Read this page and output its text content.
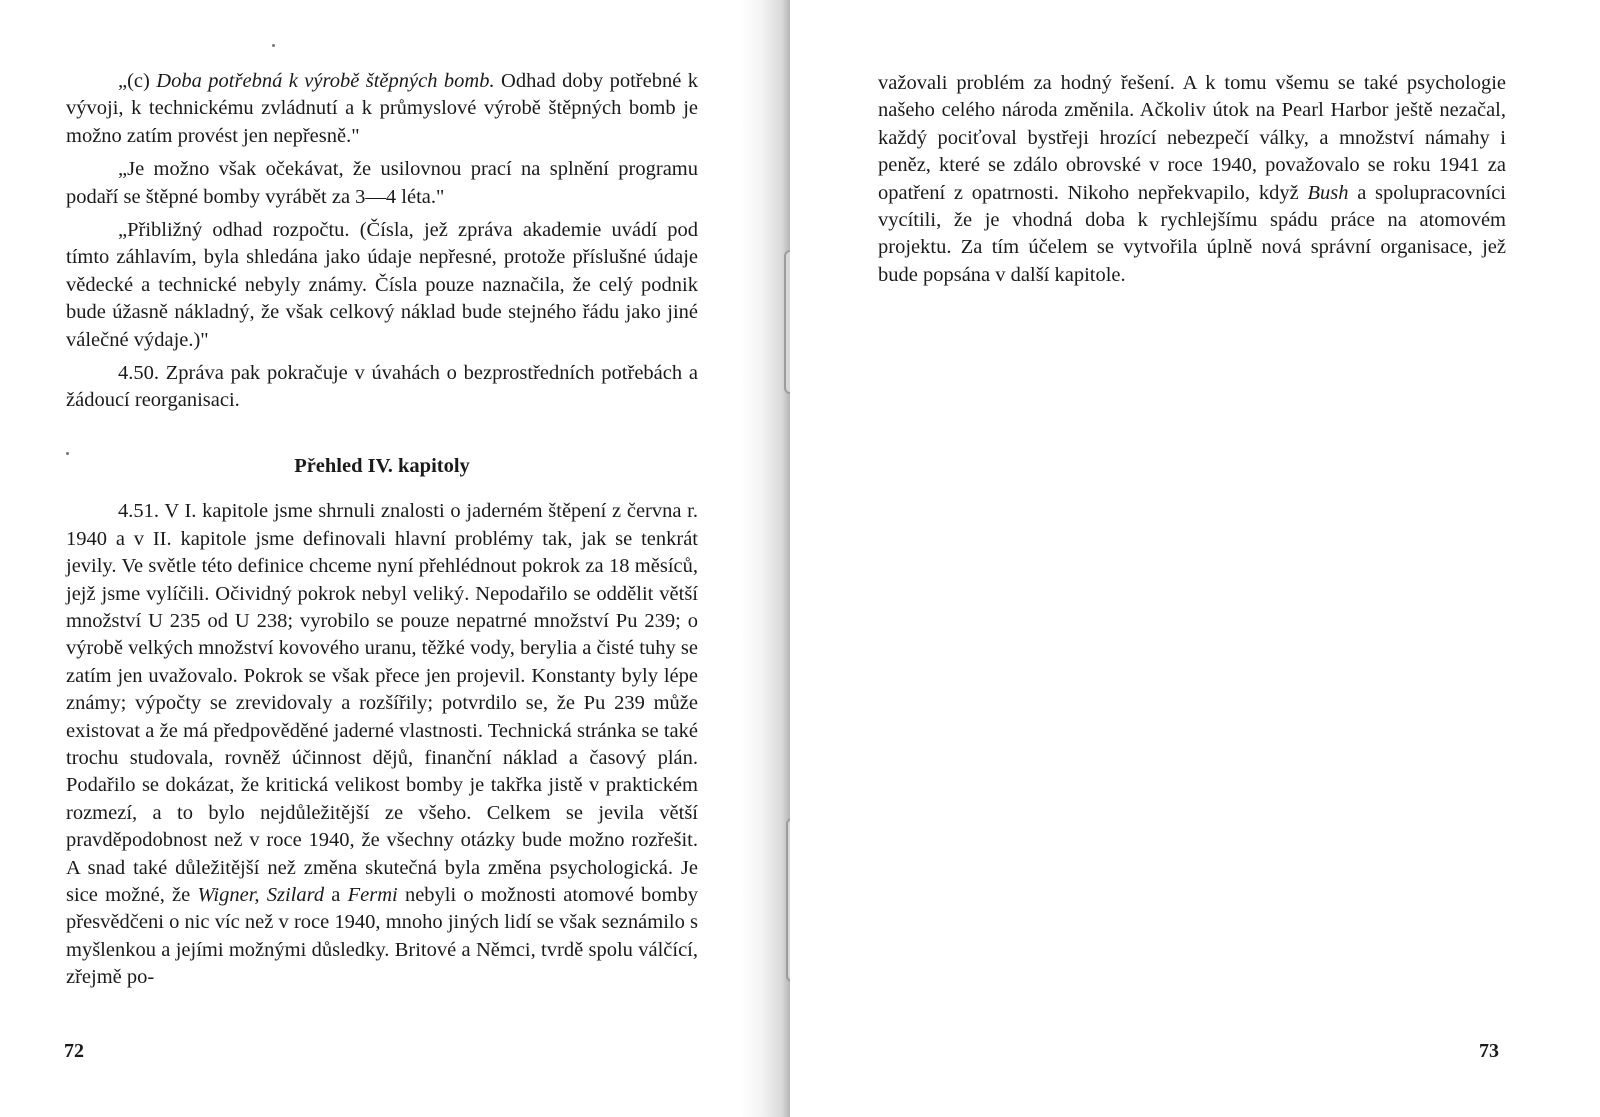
„(c) Doba potřebná k výrobě štěpných bomb. Odhad doby potřebné k vývoji, k technickému zvládnutí a k průmyslové výrobě štěpných bomb je možno zatím provést jen nepřesně."

„Je možno však očekávat, že usilovnou prací na splnění programu podaří se štěpné bomby vyrábět za 3—4 léta."

„Přibližný odhad rozpočtu. (Čísla, jež zpráva akademie uvádí pod tímto záhlavím, byla shledána jako údaje nepřesné, protože příslušné údaje vědecké a technické nebyly známy. Čísla pouze naznačila, že celý podnik bude úžasně nákladný, že však celkový náklad bude stejného řádu jako jiné válečné výdaje.)"

4.50. Zpráva pak pokračuje v úvahách o bezprostředních potřebách a žádoucí reorganisaci.

Přehled IV. kapitoly

4.51. V I. kapitole jsme shrnuli znalosti o jaderném štěpení z června r. 1940 a v II. kapitole jsme definovali hlavní problémy tak, jak se tenkrát jevily. Ve světle této definice chceme nyní přehlédnout pokrok za 18 měsíců, jejž jsme vylíčili. Očividný pokrok nebyl veliký. Nepodařilo se oddělit větší množství U 235 od U 238; vyrobilo se pouze nepatrné množství Pu 239; o výrobě velkých množství kovového uranu, těžké vody, berylia a čisté tuhy se zatím jen uvažovalo. Pokrok se však přece jen projevil. Konstanty byly lépe známy; výpočty se zrevidovaly a rozšířily; potvrdilo se, že Pu 239 může existovat a že má předpověděné jaderné vlastnosti. Technická stránka se také trochu studovala, rovněž účinnost dějů, finanční náklad a časový plán. Podařilo se dokázat, že kritická velikost bomby je takřka jistě v praktickém rozmezí, a to bylo nejdůležitější ze všeho. Celkem se jevila větší pravděpodobnost než v roce 1940, že všechny otázky bude možno rozřešit. A snad také důležitější než změna skutečná byla změna psychologická. Je sice možné, že Wigner, Szilard a Fermi nebyli o možnosti atomové bomby přesvědčeni o nic víc než v roce 1940, mnoho jiných lidí se však seznámilo s myšlenkou a jejími možnými důsledky. Britové a Němci, tvrdě spolu válčící, zřejmě po-

72

važovali problém za hodný řešení. A k tomu všemu se také psychologie našeho celého národa změnila. Ačkoliv útok na Pearl Harbor ještě nezačal, každý pociťoval bystřeji hrozící nebezpečí války, a množství námahy i peněz, které se zdálo obrovské v roce 1940, považovalo se roku 1941 za opatření z opatrnosti. Nikoho nepřekvapilo, když Bush a spolupracovníci vycítili, že je vhodná doba k rychlejšímu spádu práce na atomovém projektu. Za tím účelem se vytvořila úplně nová správní organisace, jež bude popsána v další kapitole.

73
